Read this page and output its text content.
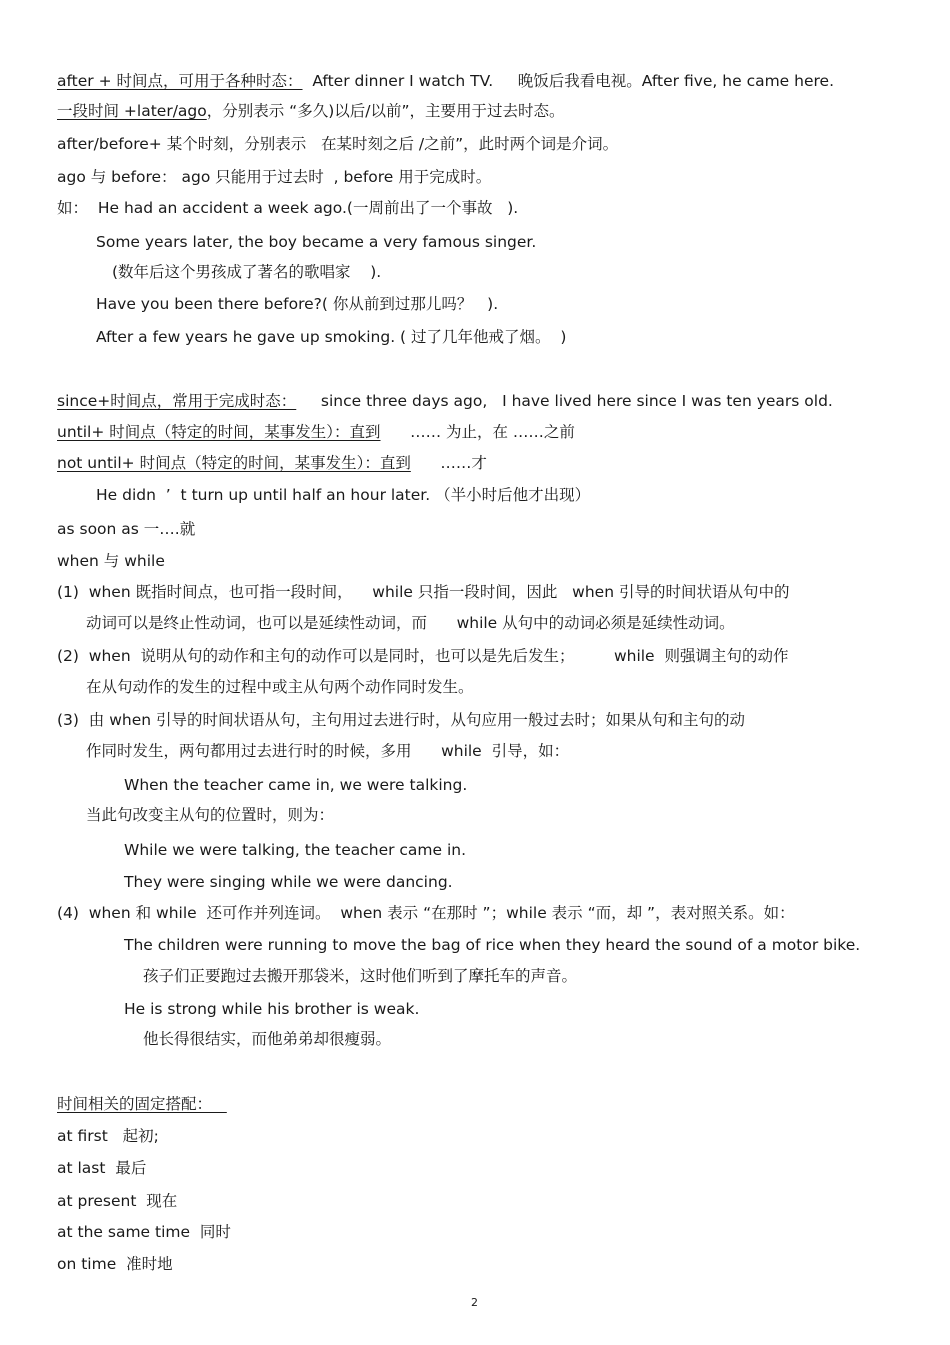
after + 时间点，可用于各种时态：  After dinner I watch TV.     晚饭后我看电视。After five, he came here.
一段时间 +later/ago，分别表示 “多久)以后/以前”，主要用于过去时态。
after/before+ 某个时刻，分别表示   在某时刻之后 /之前”，此时两个词是介词。
ago 与 before： ago 只能用于过去时  , before 用于完成时。
如：  He had an accident a week ago.(一周前出了一个事故   ).
Some years later, the boy became a very famous singer.
(数年后这个男孩成了著名的歌唱家    ).
Have you been there before?( 你从前到过那儿吗？   ).
After a few years he gave up smoking. ( 过了几年他戒了烟。  )
since+时间点，常用于完成时态：     since three days ago,   I have lived here since I was ten years old.
until+ 时间点（特定的时间，某事发生）：直到      …… 为止，在 ……之前
not until+ 时间点（特定的时间，某事发生）：直到      ……才
He didn  ’  t turn up until half an hour later. （半小时后他才出现）
as soon as 一….就
when 与 while
(1)  when 既指时间点，也可指一段时间，    while 只指一段时间，因此   when 引导的时间状语从句中的
动词可以是终止性动词，也可以是延续性动词，而      while 从句中的动词必须是延续性动词。
(2)  when  说明从句的动作和主句的动作可以是同时，也可以是先后发生；        while  则强调主句的动作
在从句动作的发生的过程中或主从句两个动作同时发生。
(3)  由 when 引导的时间状语从句，主句用过去进行时，从句应用一般过去时；如果从句和主句的动
作同时发生，两句都用过去进行时的时候，多用      while  引导，如：
When the teacher came in, we were talking.
当此句改变主从句的位置时，则为：
While we were talking, the teacher came in.
They were singing while we were dancing.
(4)  when 和 while  还可作并列连词。  when 表示 “在那时 ”；while 表示 “而，却 ”，表对照关系。如：
The children were running to move the bag of rice when they heard the sound of a motor bike.
孩子们正要跑过去搬开那袋米，这时他们听到了摩托车的声音。
He is strong while his brother is weak.
他长得很结实，而他弟弟却很瘦弱。
时间相关的固定搭配：
at first   起初;
at last  最后
at present  现在
at the same time  同时
on time  准时地
2
